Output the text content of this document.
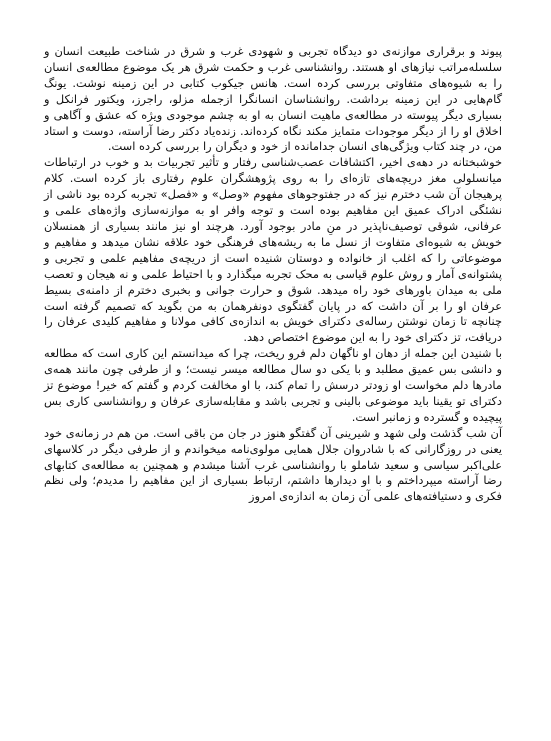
پیوند و برقراری موازنه‌ی دو دیدگاه تجربی و شهودی غرب و شرق در شناخت طبیعت انسان و سلسله‌مراتب نیازهای او هستند. روانشناسی غرب و حکمت شرق هر یک موضوع مطالعه‌ی انسان را به شیوه‌های متفاوتی بررسی کرده است. هانس جیکوب کتابی در این زمینه نوشت. یونگ گام‌هایی در این زمینه برداشت. روانشناسان انسانگرا ازجمله مزلو، راجرز، ویکتور فرانکل و بسیاری دیگر پیوسته در مطالعه‌ی ماهیت انسان به او به چشم موجودی ویژه که عشق و آگاهی و اخلاق او را از دیگر موجودات متمایز مکند نگاه کرده‌اند. زنده‌یاد دکتر رضا آراسته، دوست و استاد من، در چند کتاب ویژگی‌های انسان جدامانده از خود و دیگران را بررسی کرده است.

خوشبختانه در دهه‌ی اخیر، اکتشافات عصب‌شناسی رفتار و تأثیر تجربیات بد و خوب در ارتباطات میانسلولی مغز دریچه‌های تازه‌ای را به روی پژوهشگران علوم رفتاری باز کرده است. کلام پرهیجان آن شب دخترم نیز که در جفتوجوهای مفهوم «وصل» و «فصل» تجربه کرده بود ناشی از نشئگی ادراک عمیق این مفاهیم بوده است و توجه وافر او به موازنه‌سازی واژه‌های علمی و عرفانی، شوقی توصیف‌ناپذیر در منِ مادر بوجود آورد. هرچند او نیز مانند بسیاری از همنسلان خویش به شیوه‌ای متفاوت از نسل ما به ریشه‌های فرهنگی خود علاقه نشان میدهد و مفاهیم و موضوعاتی را که اغلب از خانواده و دوستان شنیده است از دریچه‌ی مفاهیم علمی و تجربی و پشتوانه‌ی آمار و روش علوم قیاسی به محک تجربه میگذارد و با احتیاط علمی و نه هیجان و تعصب ملی به میدان باورهای خود راه میدهد. شوق و حرارت جوانی و بخبری دخترم از دامنه‌ی بسیط عرفان او را بر آن داشت که در پایان گفتگوی دونفرهمان به من بگوید که تصمیم گرفته است چنانچه تا زمان نوشتن رساله‌ی دکترای خویش به اندازه‌ی کافی مولانا و مفاهیم کلیدی عرفان را دریافت، تز دکترای خود را به این موضوع اختصاص دهد.

با شنیدن این جمله از دهان او ناگهان دلم فرو ریخت، چرا که میدانستم این کاری است که مطالعه و دانشی بس عمیق مطلبد و با یکی دو سال مطالعه میسر نیست؛ و از طرفی چون مانند همه‌ی مادرها دلم مخواست او زودتر درسش را تمام کند، با او مخالفت کردم و گفتم که خیر! موضوع تز دکترای تو یقینا باید موضوعی بالینی و تجربی باشد و مقابله‌سازی عرفان و روانشناسی کاری بس پیچیده و گسترده و زمانبر است.

آن شب گذشت ولی شهد و شیرینی آن گفتگو هنوز در جان من باقی است. من هم در زمانه‌ی خود یعنی در روزگارانی که با شادروان جلال همایی مولوی‌نامه میخواندم و از طرفی دیگر در کلاسهای علی‌اکبر سیاسی و سعید شاملو با روانشناسی غرب آشنا میشدم و همچنین به مطالعه‌ی کتابهای رضا آراسته میپرداختم و با او دیدارها داشتم، ارتباط بسیاری از این مفاهیم را مدیدم؛ ولی نظم فکری و دستیافته‌های علمی آن زمان به اندازه‌ی امروز
